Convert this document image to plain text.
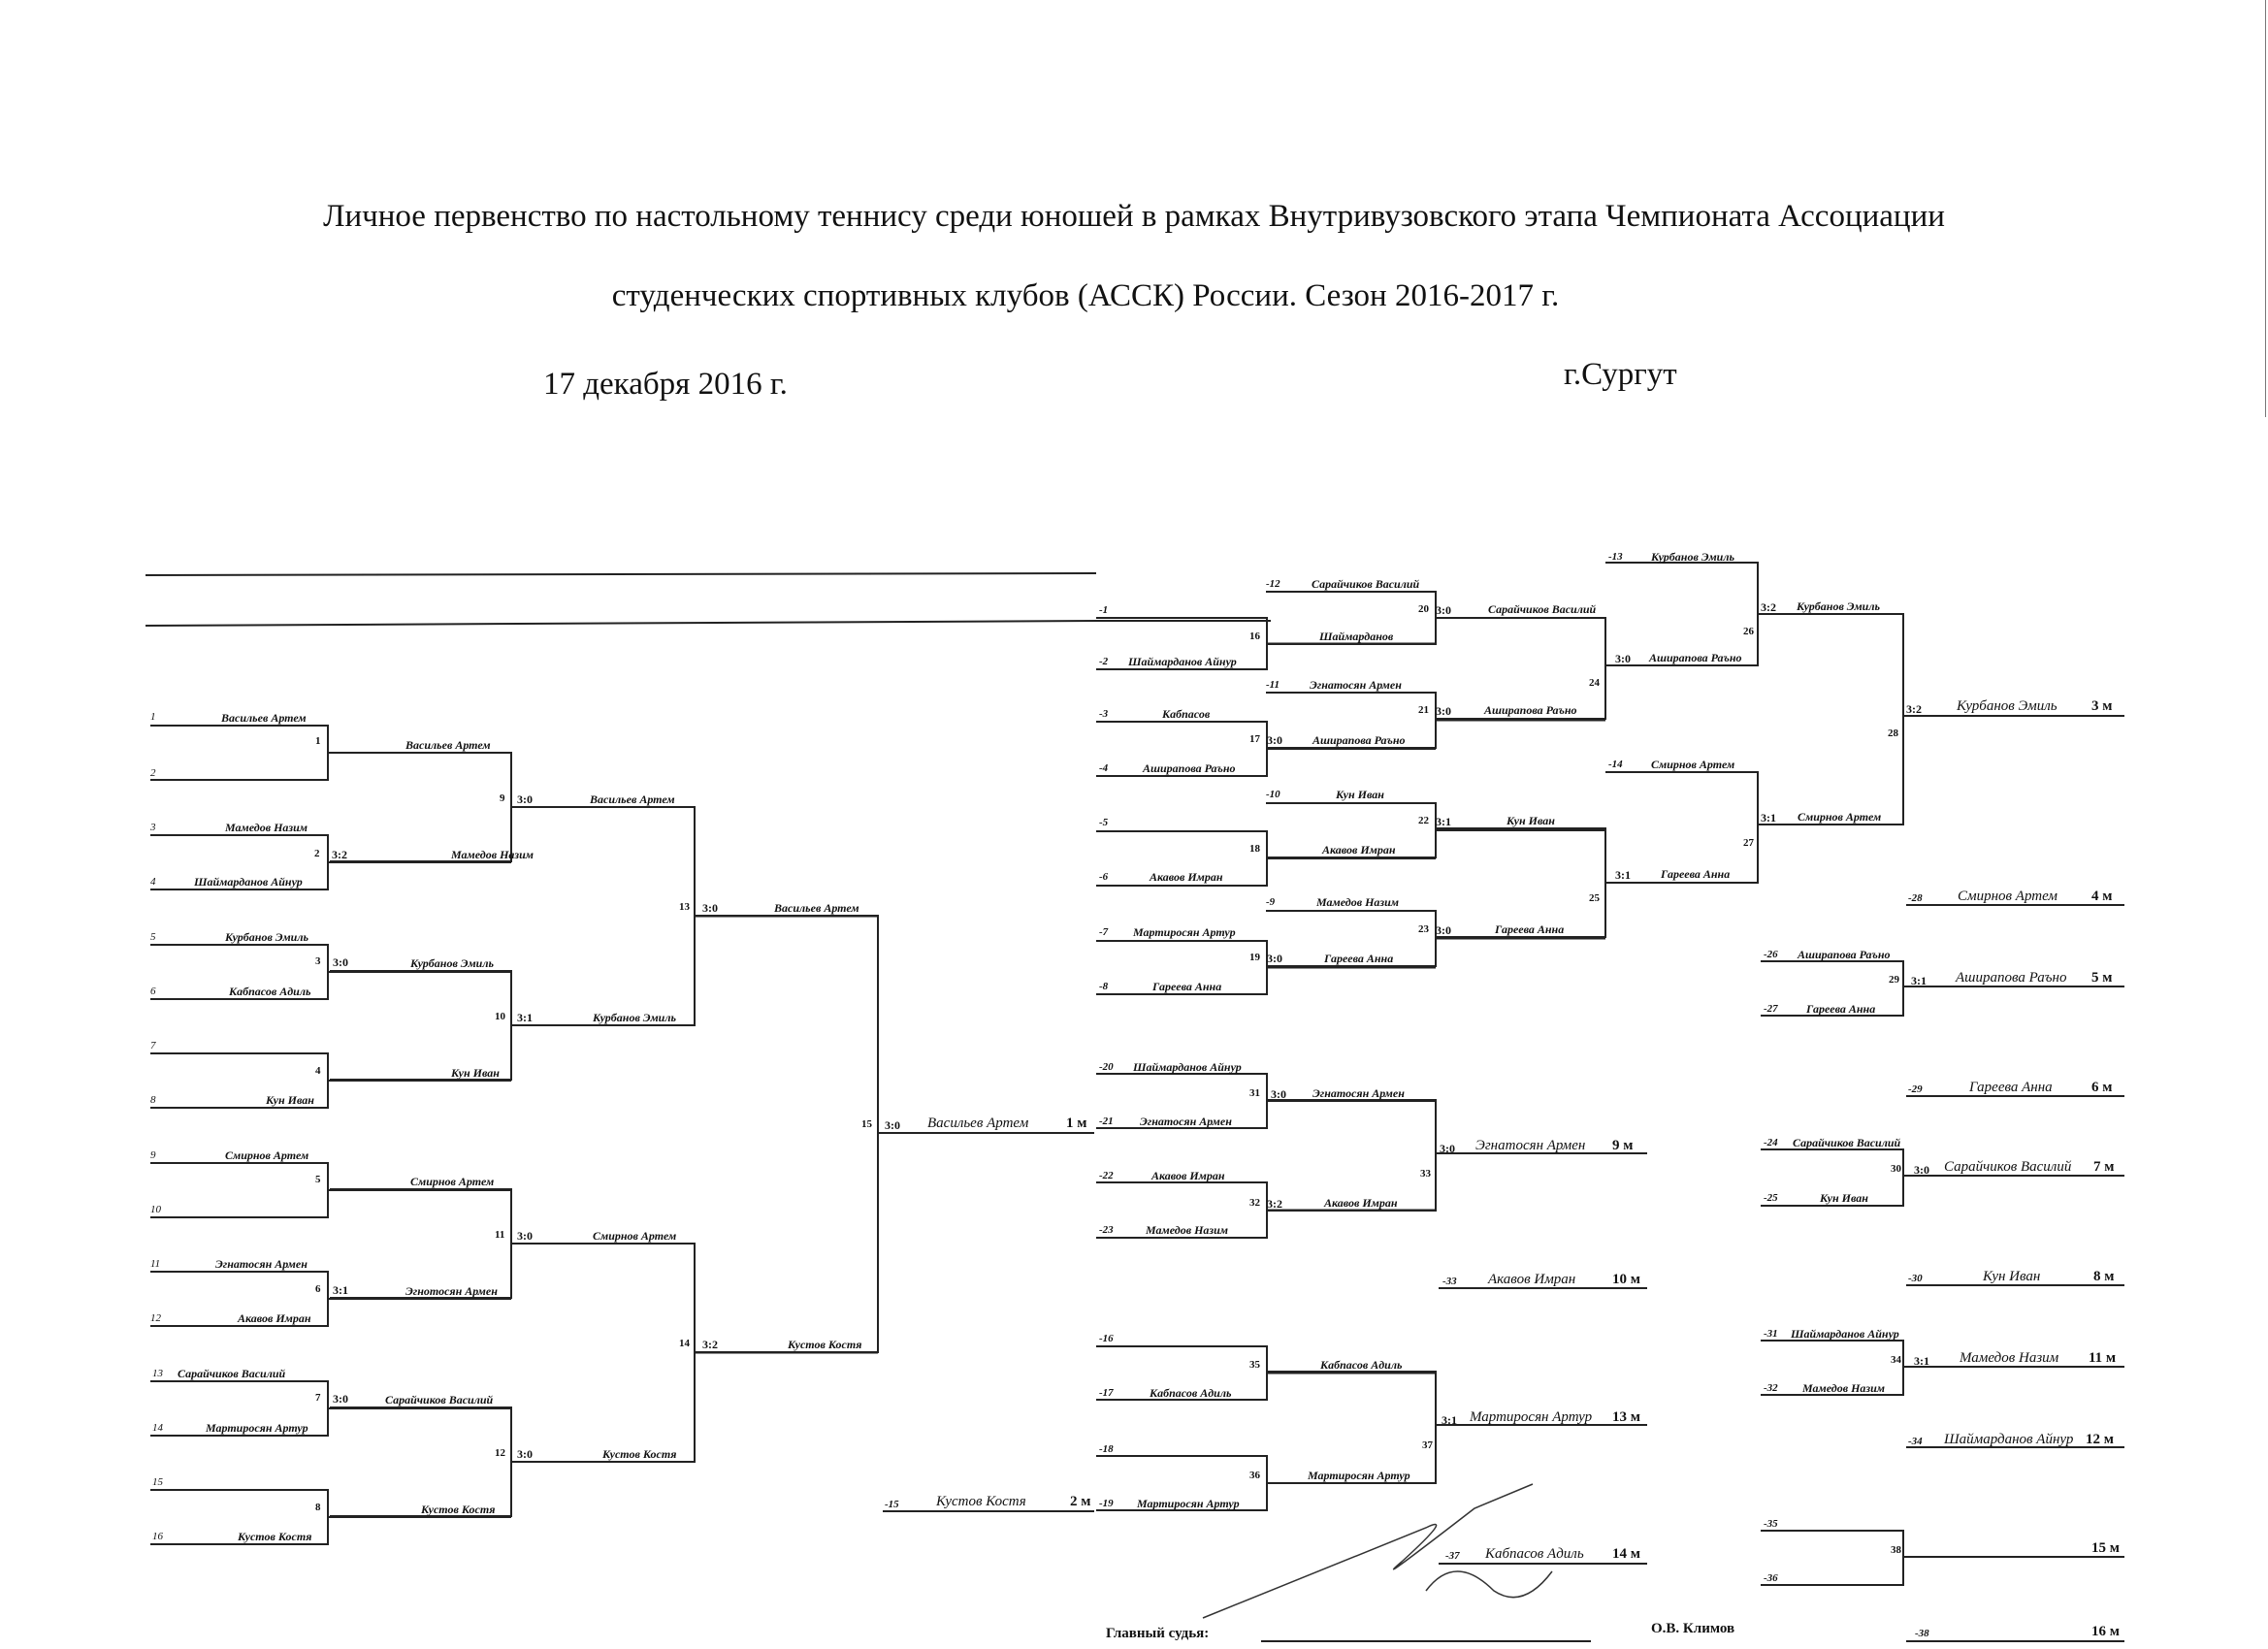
Личное первенство по настольному теннису среди юношей в рамках Внутривузовского этапа Чемпионата Ассоциации
студенческих спортивных клубов (АССК) России. Сезон 2016-2017 г.
17 декабря 2016 г.	г.Сургут
1	Васильев Артем
2
1
3	Мамедов Назим
4	Шаймарданов Айнур
2 3:2
5	Курбанов Эмиль
6	Кабпасов Адиль
3 3:0
7
8	Кун Иван
4
9	Смирнов Артем
10
5
11	Эгнатосян Армен
12	Акавов Имран
6 3:1
13 Сарайчиков Василий
14	Мартиросян Артур
7 3:0
15
16	Кустов Костя
8
Васильев Артем
Мамедов Назим
Курбанов Эмиль
Кун Иван
Смирнов Артем
Эгнотосян Армен
Сарайчиков Василий
Кустов Костя
9 3:0
10 3:1
11 3:0
12 3:0
Васильев Артем
Курбанов Эмиль
Смирнов Артем
Кустов Костя
13 3:0
14 3:2
Васильев Артем
Кустов Костя
15 3:0 Васильев Артем	1 м
-15	Кустов Костя	2 м
-1
-2 Шаймарданов Айнур
16	Шаймарданов
-3	Кабпасов
-4	Аширапова Раъно
17 3:0	Аширапова Раъно
-5
-6	Акавов Имран
18	Акавов Имран
-7 Мартиросян Артур
-8	Гареева Анна
19 3:0	Гареева Анна
-12	Сарайчиков Василий
20 3:0	Сарайчиков Василий
-11	Эгнатосян Армен
21 3:0	Аширапова Раъно
-10	Кун Иван
22 3:1	Кун Иван
-9	Мамедов Назим
23 3:0	Гареева Анна
24
3:0 Аширапова Раъно
25
3:1	Гареева Анна
-13 Курбанов Эмиль
26
3:2 Курбанов Эмиль
-14 Смирнов Артем
27
3:1 Смирнов Артем
28
3:2 Курбанов Эмиль 3 м
-28 Смирнов Артем 4 м
-26 Аширапова Раъно
-27 Гареева Анна
29 3:1 Аширапова Раъно 5 м
-29	Гареева Анна	6 м
-24 Сарайчиков Василий
-25	Кун Иван
30 3:0 Сарайчиков Василий 7 м
-30	Кун Иван	8 м
-31 Шаймарданов Айнур
-32 Мамедов Назим
34 3:1 Мамедов Назим 11 м
-34 Шаймарданов Айнур 12 м
-35
-36
38	15 м
-38	16 м
-20 Шаймарданов Айнур
-21 Эгнатосян Армен
31 3:0 Эгнатосян Армен
-22	Акавов Имран
-23	Мамедов Назим
32 3:2	Акавов Имран
33
3:0 Эгнатосян Армен 9 м
-33 Акавов Имран	10 м
-16
-17	Кабпасов Адиль
35	Кабпасов Адиль
-18
-19 Мартиросян Артур
36	Мартиросян Артур
37
3:1 Мартиросян Артур 13 м
-37 Кабпасов Адиль 14 м
Главный судья:	О.В. Климов
